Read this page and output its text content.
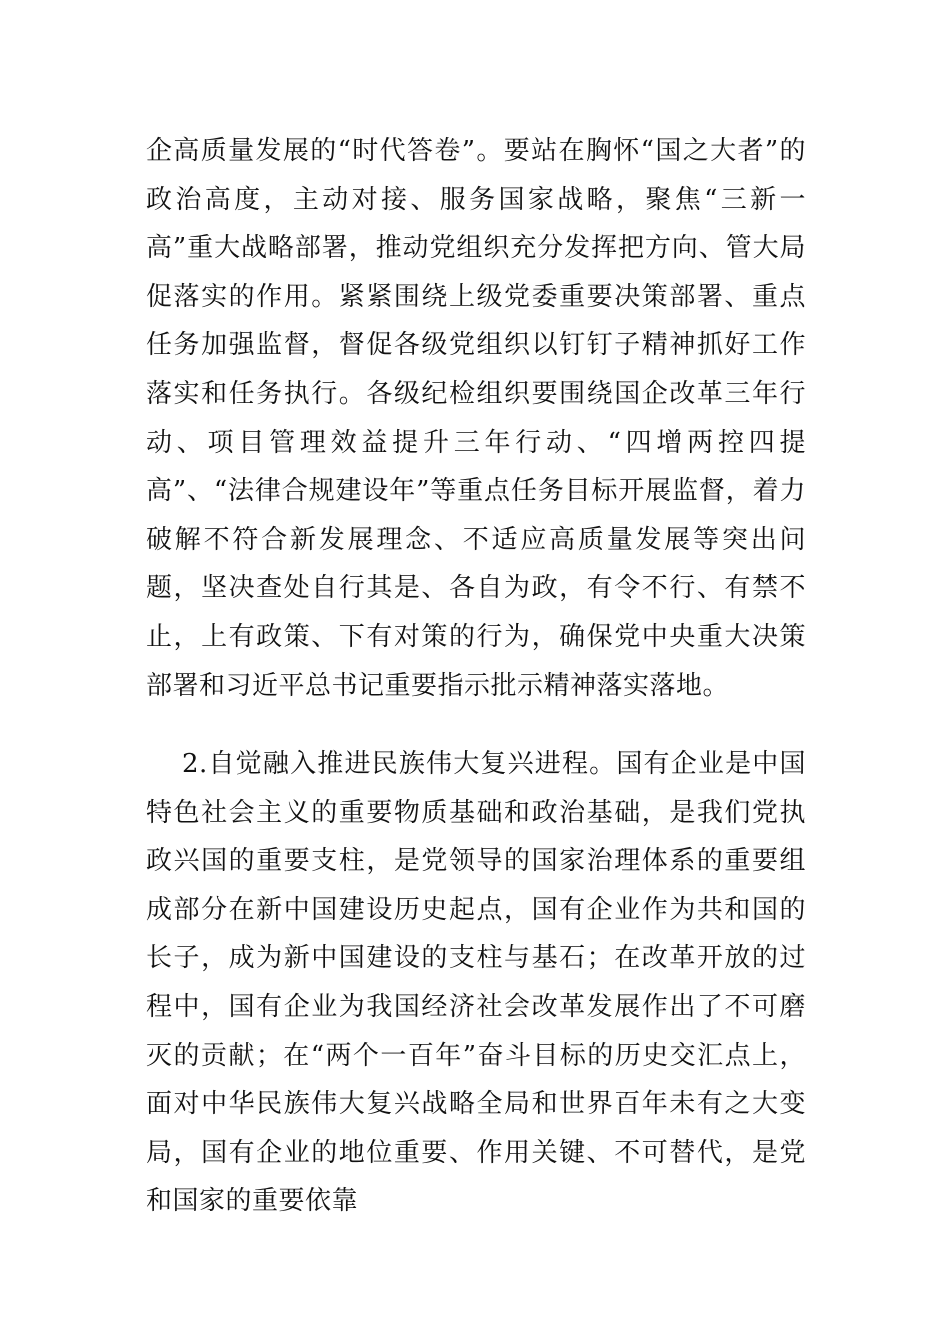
企高质量发展的“时代答卷”。要站在胸怀“国之大者”的政治高度，主动对接、服务国家战略，聚焦“三新一高”重大战略部署，推动党组织充分发挥把方向、管大局促落实的作用。紧紧围绕上级党委重要决策部署、重点任务加强监督，督促各级党组织以钉钉子精神抓好工作落实和任务执行。各级纪检组织要围绕国企改革三年行动、项目管理效益提升三年行动、“四增两控四提高”、“法律合规建设年”等重点任务目标开展监督，着力破解不符合新发展理念、不适应高质量发展等突出问题，坚决查处自行其是、各自为政，有令不行、有禁不止，上有政策、下有对策的行为，确保党中央重大决策部署和习近平总书记重要指示批示精神落实落地。

2.自觉融入推进民族伟大复兴进程。国有企业是中国特色社会主义的重要物质基础和政治基础，是我们党执政兴国的重要支柱，是党领导的国家治理体系的重要组成部分在新中国建设历史起点，国有企业作为共和国的长子，成为新中国建设的支柱与基石；在改革开放的过程中，国有企业为我国经济社会改革发展作出了不可磨灭的贡献；在“两个一百年”奋斗目标的历史交汇点上，面对中华民族伟大复兴战略全局和世界百年未有之大变局，国有企业的地位重要、作用关键、不可替代，是党和国家的重要依靠
